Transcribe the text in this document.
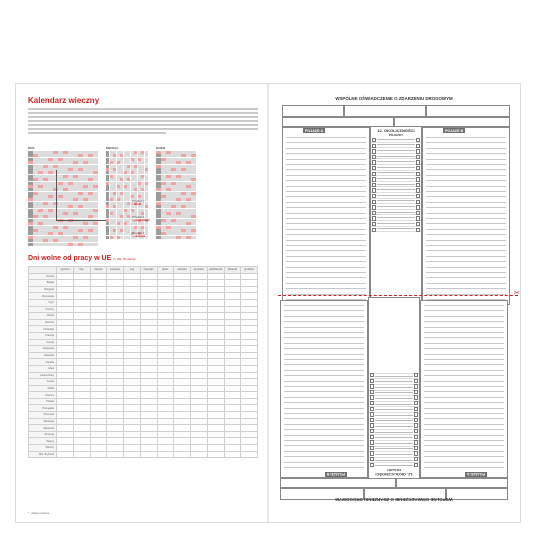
Kalendarz wieczny
ROK	MIESIĄC	DZIEŃ
Przykład 1
= środa
Przykład 2
= poniedziałek
Przykład 3
= niedziela
Dni wolne od pracy w UE (= Wlk. Brytania)
	styczeń	luty	marzec	kwiecień	maj	czerwiec	lipiec	sierpień	wrzesień	październik	listopad	grudzień
Austria												
Belgia												
Bułgaria												
Chorwacja												
Cypr												
Czechy												
Dania												
Estonia												
Finlandia												
Francja												
Grecja												
Hiszpania												
Holandia												
Irlandia												
Litwa												
Luksemburg												
Łotwa												
Malta												
Niemcy												
Polska												
Portugalia												
Rumunia												
Słowacja												
Słowenia												
Szwecja												
Węgry												
Włochy												
Wlk. Brytania												
* - święto ruchome
WSPÓLNE OŚWIADCZENIE O ZDARZENIU DROGOWYM
POJAZD A	12. OKOLICZNOŚCI
POJAZDY
POJAZD B
✂
POJAZD A
12. OKOLICZNOŚCI
POJAZDY
POJAZD B
WSPÓLNE OŚWIADCZENIE O ZDARZENIU DROGOWYM
